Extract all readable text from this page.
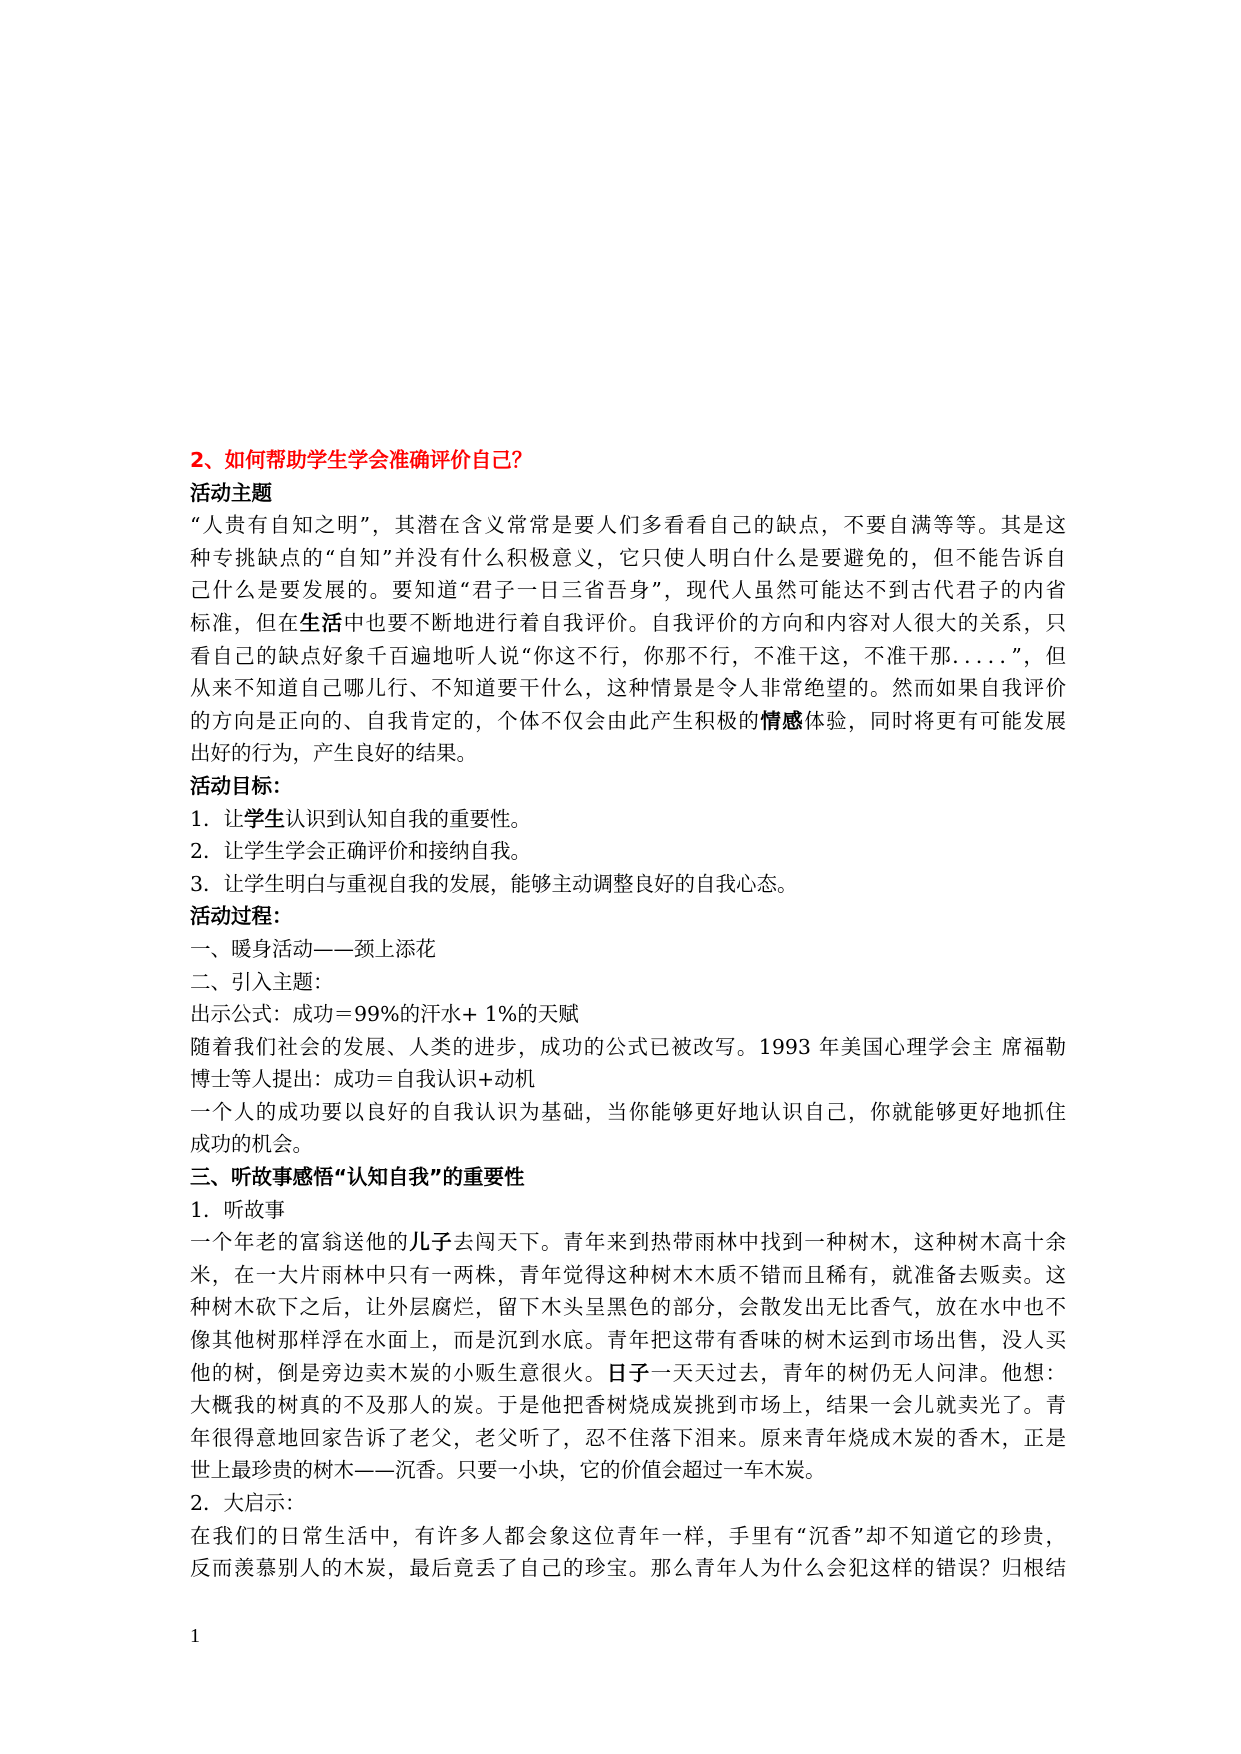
2、如何帮助学生学会准确评价自己？
活动主题
“人贵有自知之明”，其潜在含义常常是要人们多看看自己的缺点，不要自满等等。其是这
种专挑缺点的“自知”并没有什么积极意义，它只使人明白什么是要避免的，但不能告诉自
己什么是要发展的。要知道“君子一日三省吾身”，现代人虽然可能达不到古代君子的内省
标准，但在生活中也要不断地进行着自我评价。自我评价的方向和内容对人很大的关系，只
看自己的缺点好象千百遍地听人说“你这不行，你那不行，不准干这，不准干那．．．．．”，但
从来不知道自己哪儿行、不知道要干什么，这种情景是令人非常绝望的。然而如果自我评价
的方向是正向的、自我肯定的，个体不仅会由此产生积极的情感体验，同时将更有可能发展
出好的行为，产生良好的结果。
活动目标：
1．让学生认识到认知自我的重要性。
2．让学生学会正确评价和接纳自我。
3．让学生明白与重视自我的发展，能够主动调整良好的自我心态。
活动过程：
一、暖身活动——颈上添花
二、引入主题：
出示公式：成功＝99%的汗水+ 1%的天赋
随着我们社会的发展、人类的进步，成功的公式已被改写。1993 年美国心理学会主 席福勒
博士等人提出：成功＝自我认识+动机
一个人的成功要以良好的自我认识为基础，当你能够更好地认识自己，你就能够更好地抓住
成功的机会。
三、听故事感悟“认知自我”的重要性
1．听故事
一个年老的富翁送他的儿子去闯天下。青年来到热带雨林中找到一种树木，这种树木高十余
米，在一大片雨林中只有一两株，青年觉得这种树木木质不错而且稀有，就准备去贩卖。这
种树木砍下之后，让外层腐烂，留下木头呈黑色的部分，会散发出无比香气，放在水中也不
像其他树那样浮在水面上，而是沉到水底。青年把这带有香味的树木运到市场出售，没人买
他的树，倒是旁边卖木炭的小贩生意很火。日子一天天过去，青年的树仍无人问津。他想：
大概我的树真的不及那人的炭。于是他把香树烧成炭挑到市场上，结果一会儿就卖光了。青
年很得意地回家告诉了老父，老父听了，忍不住落下泪来。原来青年烧成木炭的香木，正是
世上最珍贵的树木——沉香。只要一小块，它的价值会超过一车木炭。
2．大启示：
在我们的日常生活中，有许多人都会象这位青年一样，手里有“沉香”却不知道它的珍贵，
反而羡慕别人的木炭，最后竟丢了自己的珍宝。那么青年人为什么会犯这样的错误？归根结
1
